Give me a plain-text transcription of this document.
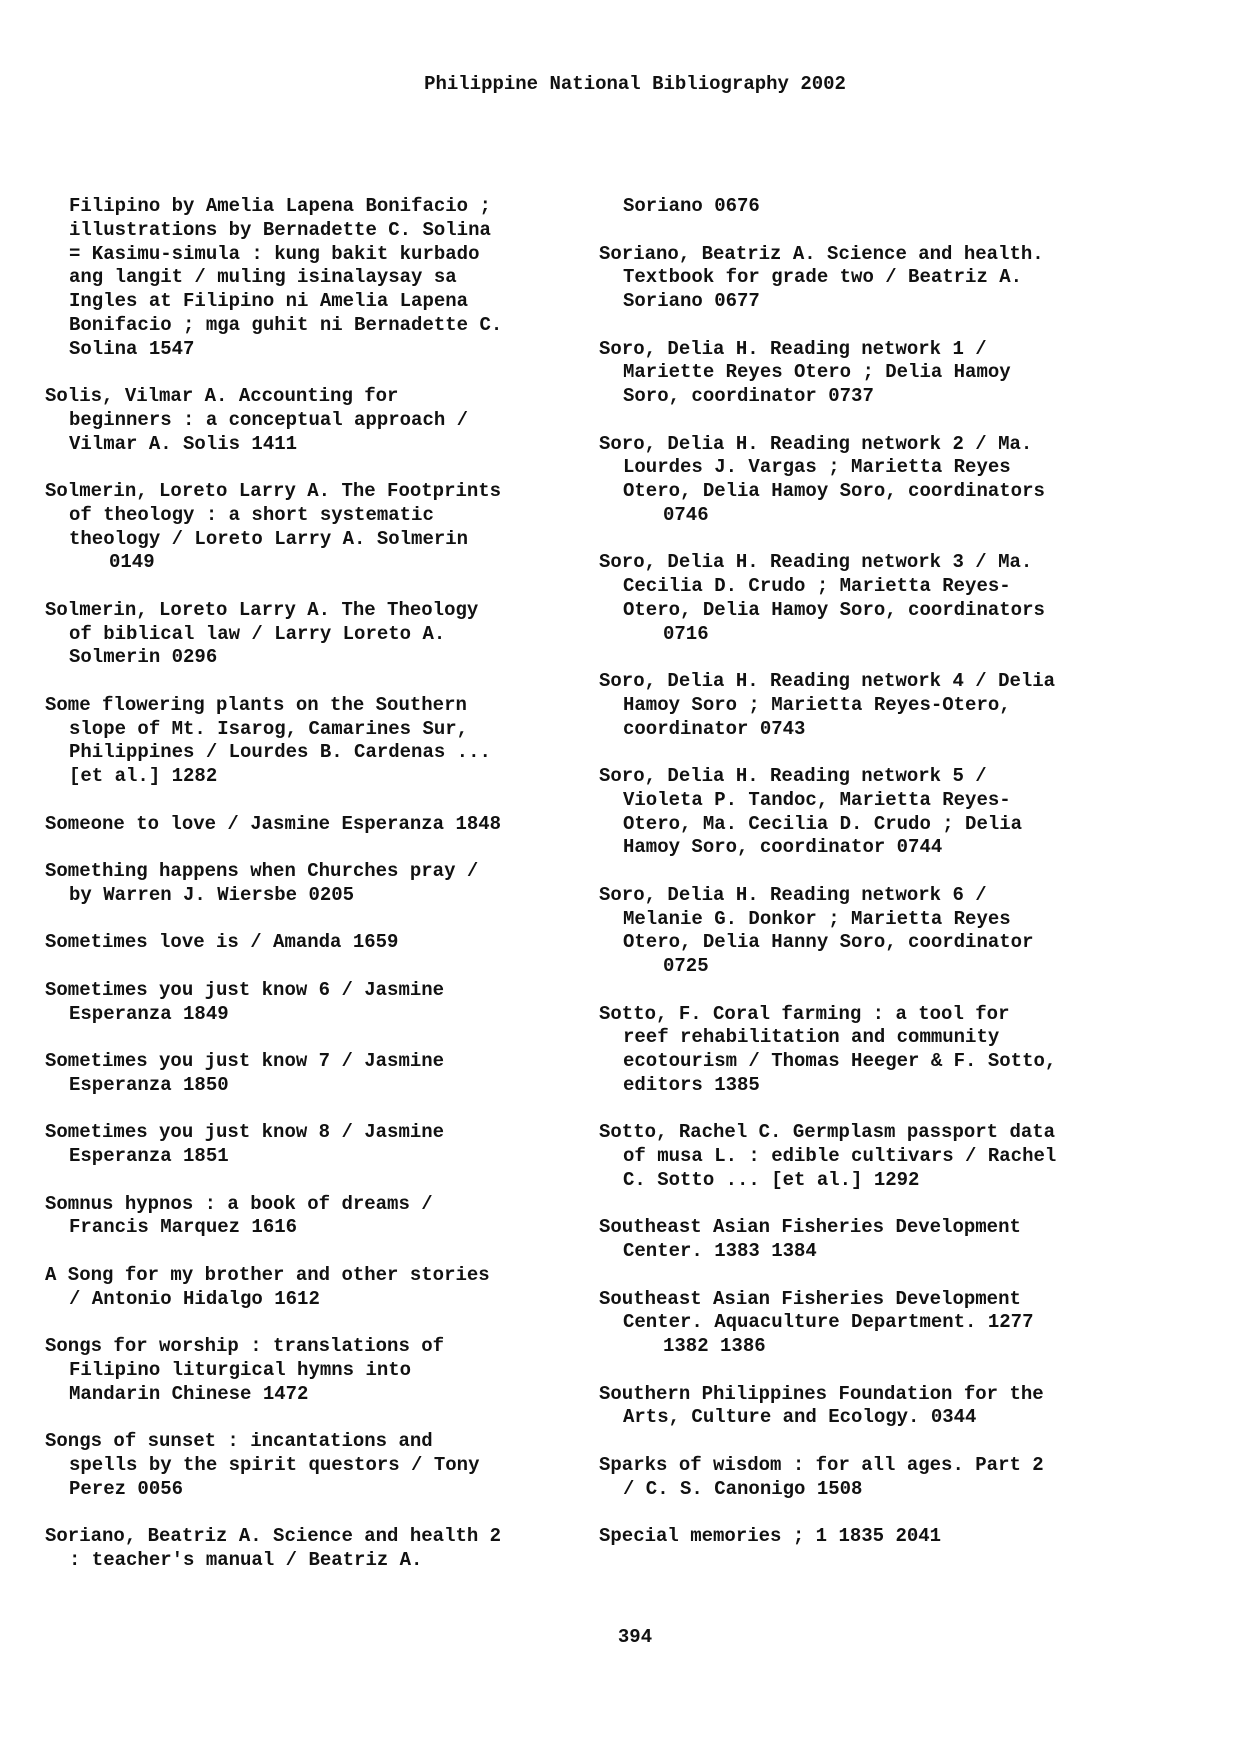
Philippine National Bibliography 2002
Filipino by Amelia Lapena Bonifacio ;
illustrations by Bernadette C. Solina
= Kasimu-simula : kung bakit kurbado
ang langit / muling isinalaysay sa
Ingles at Filipino ni Amelia Lapena
Bonifacio ; mga guhit ni Bernadette C.
Solina 1547
Solis, Vilmar A. Accounting for
beginners : a conceptual approach /
Vilmar A. Solis 1411
Solmerin, Loreto Larry A. The Footprints
of theology : a short systematic
theology / Loreto Larry A. Solmerin
0149
Solmerin, Loreto Larry A. The Theology
of biblical law / Larry Loreto A.
Solmerin 0296
Some flowering plants on the Southern
slope of Mt. Isarog, Camarines Sur,
Philippines / Lourdes B. Cardenas ...
[et al.] 1282
Someone to love / Jasmine Esperanza 1848
Something happens when Churches pray /
by Warren J. Wiersbe 0205
Sometimes love is / Amanda 1659
Sometimes you just know 6 / Jasmine
Esperanza 1849
Sometimes you just know 7 / Jasmine
Esperanza 1850
Sometimes you just know 8 / Jasmine
Esperanza 1851
Somnus hypnos : a book of dreams /
Francis Marquez 1616
A Song for my brother and other stories
/ Antonio Hidalgo 1612
Songs for worship : translations of
Filipino liturgical hymns into
Mandarin Chinese 1472
Songs of sunset : incantations and
spells by the spirit questors / Tony
Perez 0056
Soriano, Beatriz A. Science and health 2
: teacher's manual / Beatriz A.
Soriano 0676
Soriano, Beatriz A. Science and health.
Textbook for grade two / Beatriz A.
Soriano 0677
Soro, Delia H. Reading network 1 /
Mariette Reyes Otero ; Delia Hamoy
Soro, coordinator 0737
Soro, Delia H. Reading network 2 / Ma.
Lourdes J. Vargas ; Marietta Reyes
Otero, Delia Hamoy Soro, coordinators
0746
Soro, Delia H. Reading network 3 / Ma.
Cecilia D. Crudo ; Marietta Reyes-
Otero, Delia Hamoy Soro, coordinators
0716
Soro, Delia H. Reading network 4 / Delia
Hamoy Soro ; Marietta Reyes-Otero,
coordinator 0743
Soro, Delia H. Reading network 5 /
Violeta P. Tandoc, Marietta Reyes-
Otero, Ma. Cecilia D. Crudo ; Delia
Hamoy Soro, coordinator 0744
Soro, Delia H. Reading network 6 /
Melanie G. Donkor ; Marietta Reyes
Otero, Delia Hanny Soro, coordinator
0725
Sotto, F. Coral farming : a tool for
reef rehabilitation and community
ecotourism / Thomas Heeger & F. Sotto,
editors 1385
Sotto, Rachel C. Germplasm passport data
of musa L. : edible cultivars / Rachel
C. Sotto ... [et al.] 1292
Southeast Asian Fisheries Development
Center. 1383 1384
Southeast Asian Fisheries Development
Center. Aquaculture Department. 1277
1382 1386
Southern Philippines Foundation for the
Arts, Culture and Ecology. 0344
Sparks of wisdom : for all ages. Part 2
/ C. S. Canonigo 1508
Special memories ; 1 1835 2041
394
